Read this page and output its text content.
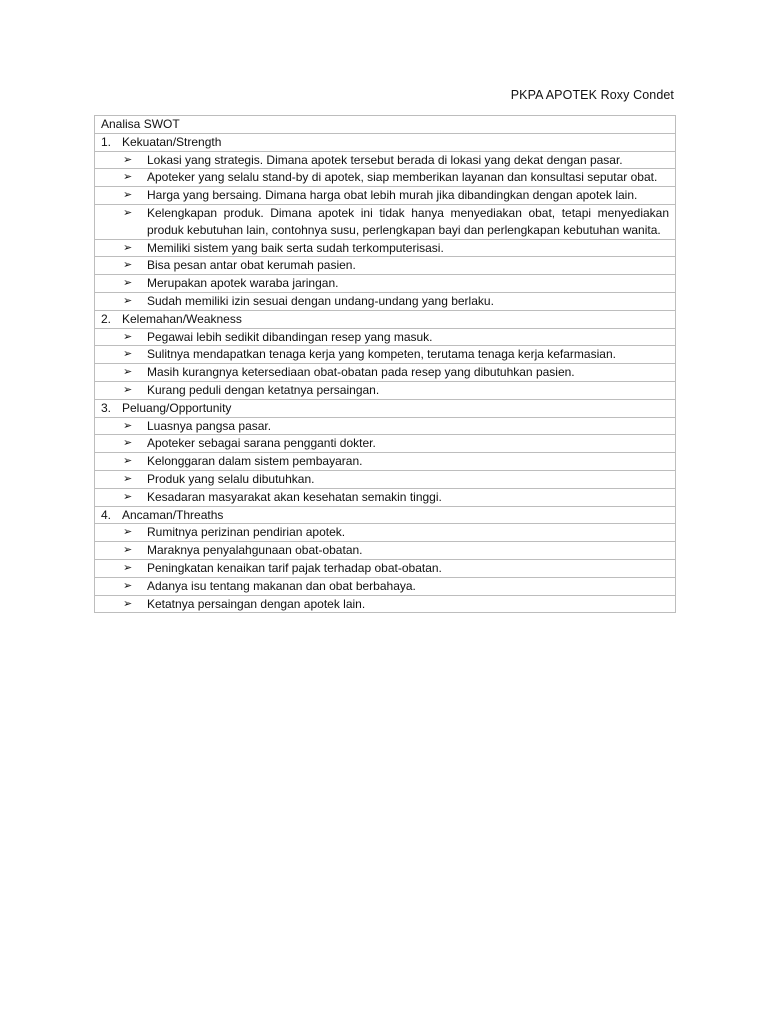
PKPA APOTEK Roxy Condet
Analisa SWOT
1. Kekuatan/Strength

➢	Lokasi yang strategis. Dimana apotek tersebut berada di lokasi yang dekat dengan pasar.

➢	Apoteker yang selalu stand-by di apotek, siap memberikan layanan dan konsultasi seputar obat.

➢	Harga yang bersaing. Dimana harga obat lebih murah jika dibandingkan dengan apotek lain.

➢	Kelengkapan produk. Dimana apotek ini tidak hanya menyediakan obat, tetapi menyediakan produk kebutuhan lain, contohnya susu, perlengkapan bayi dan perlengkapan kebutuhan wanita.

➢	Memiliki sistem yang baik serta sudah terkomputerisasi.

➢	Bisa pesan antar obat kerumah pasien.

➢	Merupakan apotek waraba jaringan.

➢	Sudah memiliki izin sesuai dengan undang-undang yang berlaku.

2. Kelemahan/Weakness

➢	Pegawai lebih sedikit dibandingan resep yang masuk.

➢	Sulitnya mendapatkan tenaga kerja yang kompeten, terutama tenaga kerja kefarmasian.

➢	Masih kurangnya ketersediaan obat-obatan pada resep yang dibutuhkan pasien.

➢	Kurang peduli dengan ketatnya persaingan.

3. Peluang/Opportunity

➢	Luasnya pangsa pasar.

➢	Apoteker sebagai sarana pengganti dokter.

➢	Kelonggaran dalam sistem pembayaran.

➢	Produk yang selalu dibutuhkan.

➢	Kesadaran masyarakat akan kesehatan semakin tinggi.

4. Ancaman/Threaths

➢	Rumitnya perizinan pendirian apotek.

➢	Maraknya penyalahgunaan obat-obatan.

➢	Peningkatan kenaikan tarif pajak terhadap obat-obatan.

➢	Adanya isu tentang makanan dan obat berbahaya.

➢	Ketatnya persaingan dengan apotek lain.
